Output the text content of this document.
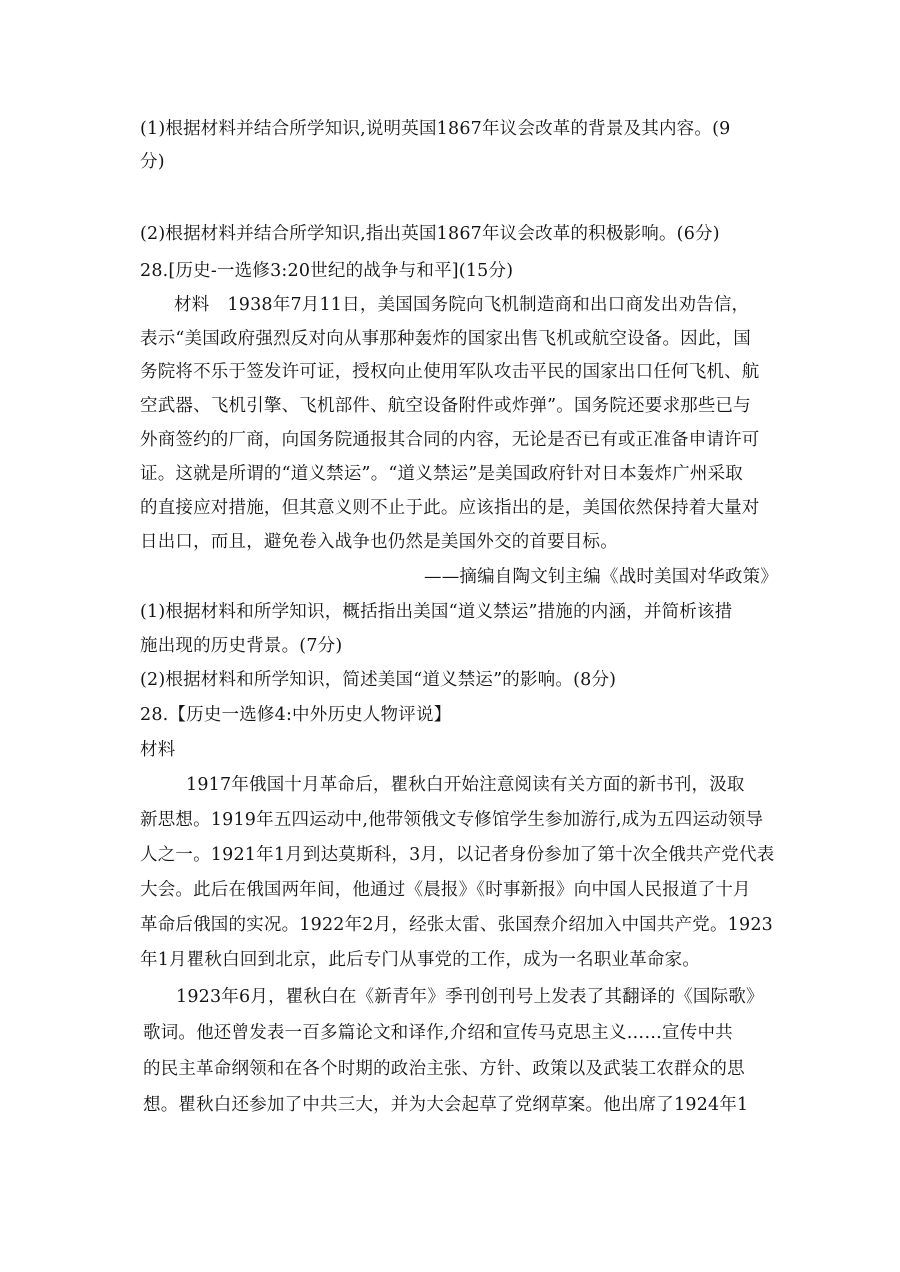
(1)根据材料并结合所学知识,说明英国1867年议会改革的背景及其内容。(9
分)
(2)根据材料并结合所学知识,指出英国1867年议会改革的积极影响。(6分)
28.[历史-一选修3:20世纪的战争与和平](15分)
材料 1938年7月11日，美国国务院向飞机制造商和出口商发出劝告信，
表示“美国政府强烈反对向从事那种轰炸的国家出售飞机或航空设备。因此，国
务院将不乐于签发许可证，授权向止使用军队攻击平民的国家出口任何飞机、航
空武器、飞机引擎、飞机部件、航空设备附件或炸弹”。国务院还要求那些已与
外商签约的厂商，向国务院通报其合同的内容，无论是否已有或正准备申请许可
证。这就是所谓的“道义禁运”。“道义禁运”是美国政府针对日本轰炸广州采取
的直接应对措施，但其意义则不止于此。应该指出的是，美国依然保持着大量对
日出口，而且，避免卷入战争也仍然是美国外交的首要目标。
——摘编自陶文钊主编《战时美国对华政策》
(1)根据材料和所学知识，概括指出美国“道义禁运”措施的内涵，并简析该措
施出现的历史背景。(7分)
(2)根据材料和所学知识，简述美国“道义禁运”的影响。(8分)
28.【历史一选修4:中外历史人物评说】
材料
1917年俄国十月革命后，瞿秋白开始注意阅读有关方面的新书刊，汲取
新思想。1919年五四运动中,他带领俄文专修馆学生参加游行,成为五四运动领导
人之一。1921年1月到达莫斯科，3月，以记者身份参加了第十次全俄共产党代表
大会。此后在俄国两年间，他通过《晨报》《时事新报》向中国人民报道了十月
革命后俄国的实况。1922年2月，经张太雷、张国焘介绍加入中国共产党。1923
年1月瞿秋白回到北京，此后专门从事党的工作，成为一名职业革命家。
1923年6月，瞿秋白在《新青年》季刊创刊号上发表了其翻译的《国际歌》
歌词。他还曾发表一百多篇论文和译作,介绍和宣传马克思主义……宣传中共
的民主革命纲领和在各个时期的政治主张、方针、政策以及武装工农群众的思
想。瞿秋白还参加了中共三大，并为大会起草了党纲草案。他出席了1924年1
